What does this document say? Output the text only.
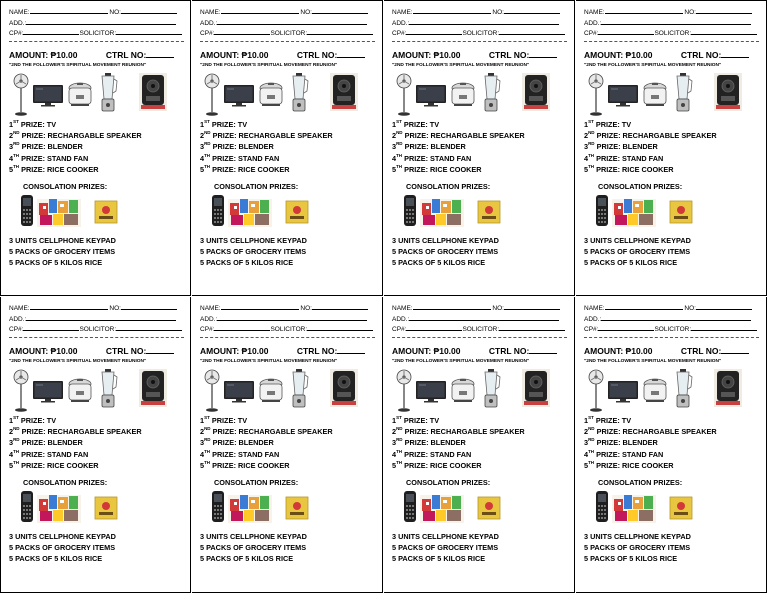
NAME:	NO:
ADD.:
CP#:	SOLICITOR:
AMOUNT: ₱10.00	CTRL NO:
"2ND THE FOLLOWER'S SPIRITUAL MOVEMENT REUNION"
1ST PRIZE: TV
2ND PRIZE: RECHARGABLE SPEAKER
3RD PRIZE: BLENDER
4TH PRIZE: STAND FAN
5TH PRIZE: RICE COOKER
CONSOLATION PRIZES:
3 UNITS CELLPHONE KEYPAD
5 PACKS OF GROCERY ITEMS
5 PACKS OF 5 KILOS RICE
NAME:	NO:
ADD.:
CP#:	SOLICITOR:
AMOUNT: ₱10.00	CTRL NO:
"2ND THE FOLLOWER'S SPIRITUAL MOVEMENT REUNION"
1ST PRIZE: TV
2ND PRIZE: RECHARGABLE SPEAKER
3RD PRIZE: BLENDER
4TH PRIZE: STAND FAN
5TH PRIZE: RICE COOKER
CONSOLATION PRIZES:
3 UNITS CELLPHONE KEYPAD
5 PACKS OF GROCERY ITEMS
5 PACKS OF 5 KILOS RICE
NAME:	NO:
ADD.:
CP#:	SOLICITOR:
AMOUNT: ₱10.00	CTRL NO:
"2ND THE FOLLOWER'S SPIRITUAL MOVEMENT REUNION"
1ST PRIZE: TV
2ND PRIZE: RECHARGABLE SPEAKER
3RD PRIZE: BLENDER
4TH PRIZE: STAND FAN
5TH PRIZE: RICE COOKER
CONSOLATION PRIZES:
3 UNITS CELLPHONE KEYPAD
5 PACKS OF GROCERY ITEMS
5 PACKS OF 5 KILOS RICE
NAME:	NO:
ADD.:
CP#:	SOLICITOR:
AMOUNT: ₱10.00	CTRL NO:
"2ND THE FOLLOWER'S SPIRITUAL MOVEMENT REUNION"
1ST PRIZE: TV
2ND PRIZE: RECHARGABLE SPEAKER
3RD PRIZE: BLENDER
4TH PRIZE: STAND FAN
5TH PRIZE: RICE COOKER
CONSOLATION PRIZES:
3 UNITS CELLPHONE KEYPAD
5 PACKS OF GROCERY ITEMS
5 PACKS OF 5 KILOS RICE
NAME:	NO:
ADD.:
CP#:	SOLICITOR:
AMOUNT: ₱10.00	CTRL NO:
"2ND THE FOLLOWER'S SPIRITUAL MOVEMENT REUNION"
1ST PRIZE: TV
2ND PRIZE: RECHARGABLE SPEAKER
3RD PRIZE: BLENDER
4TH PRIZE: STAND FAN
5TH PRIZE: RICE COOKER
CONSOLATION PRIZES:
3 UNITS CELLPHONE KEYPAD
5 PACKS OF GROCERY ITEMS
5 PACKS OF 5 KILOS RICE
NAME:	NO:
ADD.:
CP#:	SOLICITOR:
AMOUNT: ₱10.00	CTRL NO:
"2ND THE FOLLOWER'S SPIRITUAL MOVEMENT REUNION"
1ST PRIZE: TV
2ND PRIZE: RECHARGABLE SPEAKER
3RD PRIZE: BLENDER
4TH PRIZE: STAND FAN
5TH PRIZE: RICE COOKER
CONSOLATION PRIZES:
3 UNITS CELLPHONE KEYPAD
5 PACKS OF GROCERY ITEMS
5 PACKS OF 5 KILOS RICE
NAME:	NO:
ADD.:
CP#:	SOLICITOR:
AMOUNT: ₱10.00	CTRL NO:
"2ND THE FOLLOWER'S SPIRITUAL MOVEMENT REUNION"
1ST PRIZE: TV
2ND PRIZE: RECHARGABLE SPEAKER
3RD PRIZE: BLENDER
4TH PRIZE: STAND FAN
5TH PRIZE: RICE COOKER
CONSOLATION PRIZES:
3 UNITS CELLPHONE KEYPAD
5 PACKS OF GROCERY ITEMS
5 PACKS OF 5 KILOS RICE
NAME:	NO:
ADD.:
CP#:	SOLICITOR:
AMOUNT: ₱10.00	CTRL NO:
"2ND THE FOLLOWER'S SPIRITUAL MOVEMENT REUNION"
1ST PRIZE: TV
2ND PRIZE: RECHARGABLE SPEAKER
3RD PRIZE: BLENDER
4TH PRIZE: STAND FAN
5TH PRIZE: RICE COOKER
CONSOLATION PRIZES:
3 UNITS CELLPHONE KEYPAD
5 PACKS OF GROCERY ITEMS
5 PACKS OF 5 KILOS RICE
